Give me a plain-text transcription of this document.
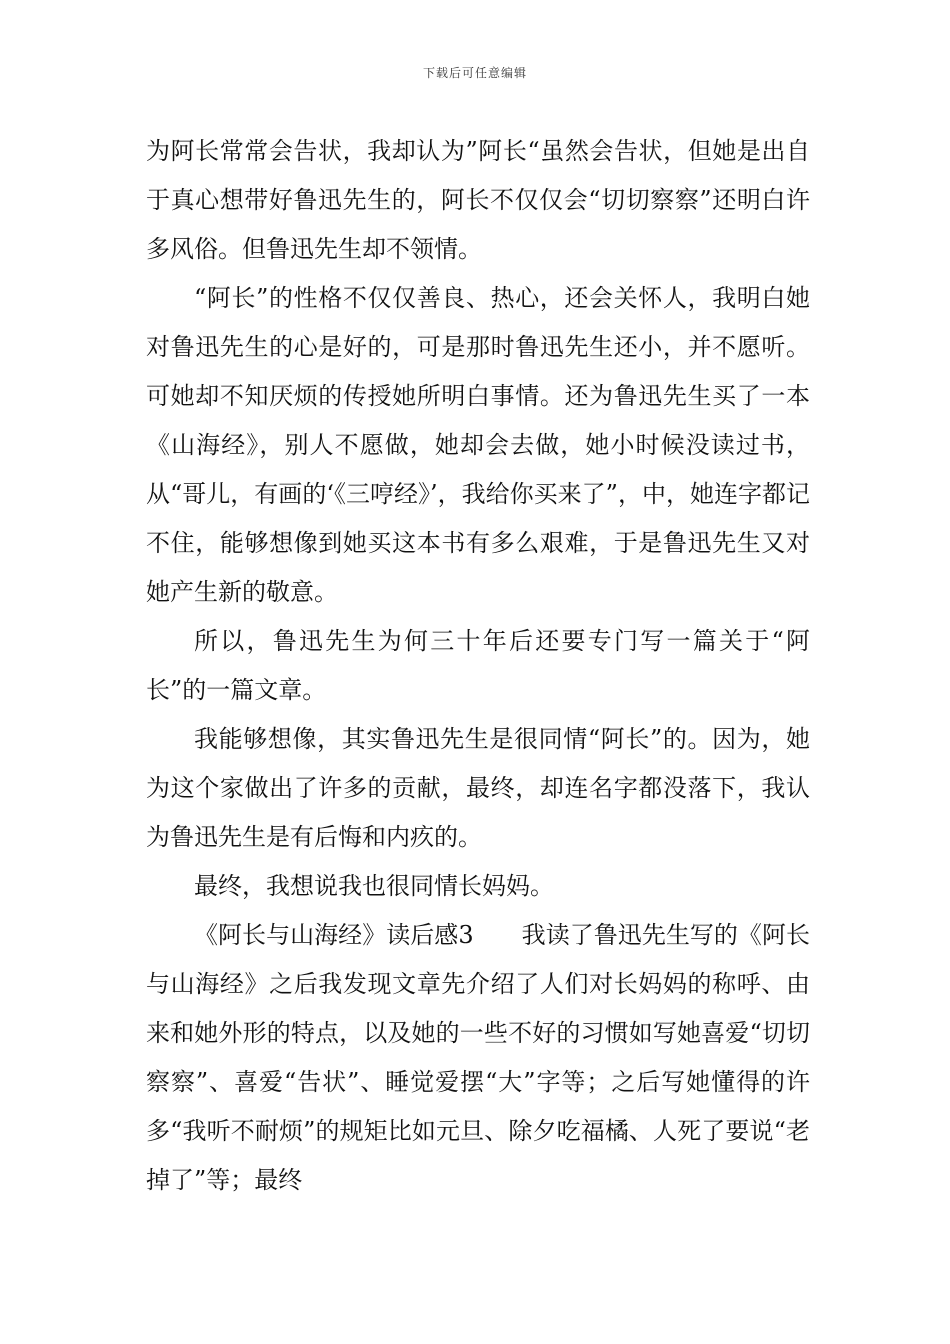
下载后可任意编辑

为阿长常常会告状，我却认为”阿长“虽然会告状，但她是出自于真心想带好鲁迅先生的，阿长不仅仅会“切切察察”还明白许多风俗。但鲁迅先生却不领情。

“阿长”的性格不仅仅善良、热心，还会关怀人，我明白她对鲁迅先生的心是好的，可是那时鲁迅先生还小，并不愿听。可她却不知厌烦的传授她所明白事情。还为鲁迅先生买了一本《山海经》，别人不愿做，她却会去做，她小时候没读过书，从“哥儿，有画的‘《三哼经》’，我给你买来了”，中，她连字都记不住，能够想像到她买这本书有多么艰难，于是鲁迅先生又对她产生新的敬意。

所以，鲁迅先生为何三十年后还要专门写一篇关于“阿长”的一篇文章。

我能够想像，其实鲁迅先生是很同情“阿长”的。因为，她为这个家做出了许多的贡献，最终，却连名字都没落下，我认为鲁迅先生是有后悔和内疚的。

最终，我想说我也很同情长妈妈。

《阿长与山海经》读后感3　　我读了鲁迅先生写的《阿长与山海经》之后我发现文章先介绍了人们对长妈妈的称呼、由来和她外形的特点，以及她的一些不好的习惯如写她喜爱“切切察察”、喜爱“告状”、睡觉爱摆“大”字等；之后写她懂得的许多“我听不耐烦”的规矩比如元旦、除夕吃福橘、人死了要说“老掉了”等；最终
